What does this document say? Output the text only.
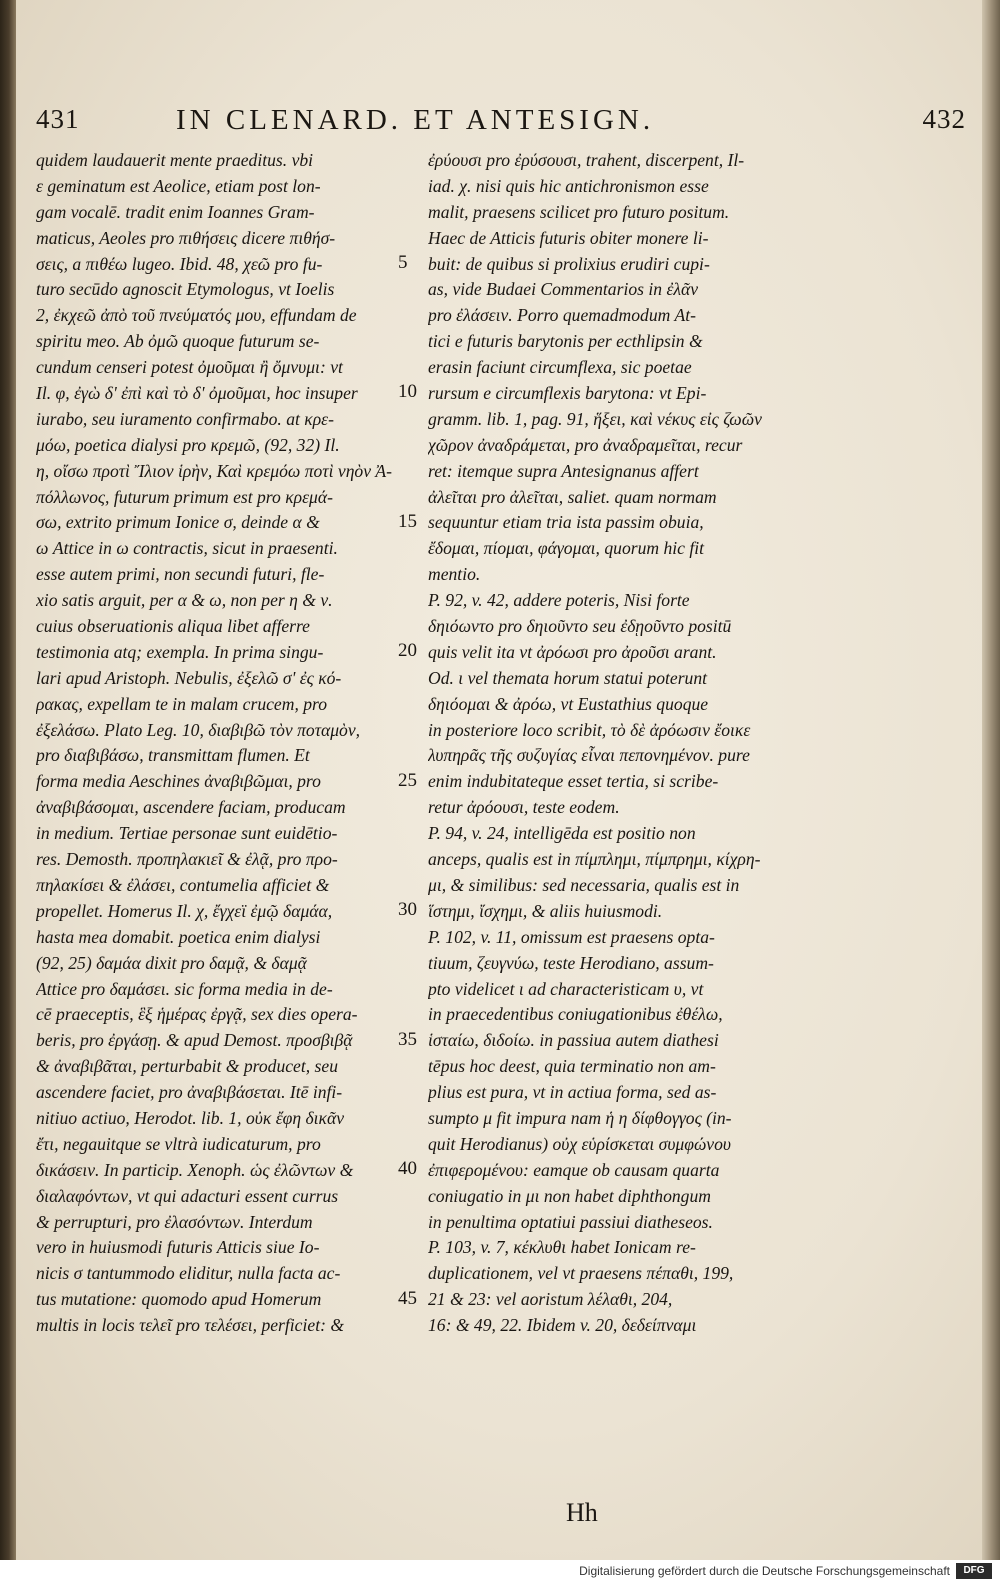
431	IN CLENARD. ET ANTESIGN.	432
quidem laudauerit mente praeditus. vbi
ε geminatum est Aeolice, etiam post lon-
gam vocalē. tradit enim Ioannes Gram-
maticus, Aeoles pro πιθήσεις dicere πιθήσ-
σεις, a πιθέω lugeo. Ibid. 48, χεῶ pro fu-
turo secūdo agnoscit Etymologus, vt Ioelis
2, ἐκχεῶ ἀπὸ τοῦ πνεύματός μου, effundam de
spiritu meo. Ab ὀμῶ quoque futurum se-
cundum censeri potest ὀμοῦμαι ἢ ὄμνυμι: vt
Il. φ, ἐγὼ δ' ἐπὶ καὶ τὸ δ' ὀμοῦμαι, hoc insuper
iurabo, seu iuramento confirmabo. at κρε-
μόω, poetica dialysi pro κρεμῶ, (92, 32) Il.
η, οἴσω προτὶ Ἴλιον ἱρὴν, Καὶ κρεμόω ποτὶ νηὸν Ἀ-
πόλλωνος, futurum primum est pro κρεμά-
σω, extrito primum Ionice σ, deinde α &
ω Attice in ω contractis, sicut in praesenti.
esse autem primi, non secundi futuri, fle-
xio satis arguit, per α & ω, non per η & ν.
cuius obseruationis aliqua libet afferre
testimonia atq; exempla. In prima singu-
lari apud Aristoph. Nebulis, ἐξελῶ σ' ἐς κό-
ρακας, expellam te in malam crucem, pro
ἐξελάσω. Plato Leg. 10, διαβιβῶ τὸν ποταμὸν,
pro διαβιβάσω, transmittam flumen. Et
forma media Aeschines ἀναβιβῶμαι, pro
ἀναβιβάσομαι, ascendere faciam, producam
in medium. Tertiae personae sunt euidētio-
res. Demosth. προπηλακιεῖ & ἐλᾷ, pro προ-
πηλακίσει & ἐλάσει, contumelia afficiet &
propellet. Homerus Il. χ, ἔγχεϊ ἐμῷ δαμάα,
hasta mea domabit. poetica enim dialysi
(92, 25) δαμάα dixit pro δαμᾷ, & δαμᾷ
Attice pro δαμάσει. sic forma media in de-
cē praeceptis, ἓξ ἡμέρας ἐργᾷ, sex dies opera-
beris, pro ἐργάσῃ. & apud Demost. προσβιβᾷ
& ἀναβιβᾶται, perturbabit & producet, seu
ascendere faciet, pro ἀναβιβάσεται. Itē infi-
nitiuo actiuo, Herodot. lib. 1, οὐκ ἔφη δικᾶν
ἔτι, negauitque se vltrà iudicaturum, pro
δικάσειν. In particip. Xenoph. ὡς ἐλῶντων &
διαλαφόντων, vt qui adacturi essent currus
& perrupturi, pro ἐλασόντων. Interdum
vero in huiusmodi futuris Atticis siue Io-
nicis σ tantummodo eliditur, nulla facta ac-
tus mutatione: quomodo apud Homerum
multis in locis τελεῖ pro τελέσει, perficiet: &
5
10
15
20
25
30
35
40
45
ἐρύουσι pro ἐρύσουσι, trahent, discerpent, Il-
iad. χ. nisi quis hic antichronismon esse
malit, praesens scilicet pro futuro positum.
Haec de Atticis futuris obiter monere li-
buit: de quibus si prolixius erudiri cupi-
as, vide Budaei Commentarios in ἐλᾶν
pro ἐλάσειν. Porro quemadmodum At-
tici e futuris barytonis per ecthlipsin &
erasin faciunt circumflexa, sic poetae
rursum e circumflexis barytona: vt Epi-
gramm. lib. 1, pag. 91, ἥξει, καὶ νέκυς εἰς ζωῶν
χῶρον ἀναδράμεται, pro ἀναδραμεῖται, recur
ret: itemque supra Antesignanus affert
ἀλεῖται pro ἀλεῖται, saliet. quam normam
sequuntur etiam tria ista passim obuia,
ἔδομαι, πίομαι, φάγομαι, quorum hic fit
mentio.
P. 92, v. 42, addere poteris, Nisi forte
δηιόωντο pro δηιοῦντο seu ἐδῃοῦντο positū
quis velit ita vt ἀρόωσι pro ἀροῦσι arant.
Od. ι vel themata horum statui poterunt
δηιόομαι & ἀρόω, vt Eustathius quoque
in posteriore loco scribit, τὸ δὲ ἀρόωσιν ἔοικε
λυπηρᾶς τῆς συζυγίας εἶναι πεπονημένον. pure
enim indubitateque esset tertia, si scribe-
retur ἀρόουσι, teste eodem.
P. 94, v. 24, intelligēda est positio non
anceps, qualis est in πίμπλημι, πίμπρημι, κίχρη-
μι, & similibus: sed necessaria, qualis est in
ἵστημι, ἴσχημι, & aliis huiusmodi.
P. 102, v. 11, omissum est praesens opta-
tiuum, ζευγνύω, teste Herodiano, assum-
pto videlicet ι ad characteristicam υ, vt
in praecedentibus coniugationibus ἐθέλω,
ἱσταίω, διδοίω. in passiua autem diathesi
tēpus hoc deest, quia terminatio non am-
plius est pura, vt in actiua forma, sed as-
sumpto μ fit impura nam ἡ η δίφθογγος (in-
quit Herodianus) οὐχ εὑρίσκεται συμφώνου
ἐπιφερομένου: eamque ob causam quarta
coniugatio in μι non habet diphthongum
in penultima optatiui passiui diatheseos.
P. 103, v. 7, κέκλυθι habet Ionicam re-
duplicationem, vel vt praesens πέπαθι, 199,
21 & 23: vel aoristum λέλαθι, 204,
16: & 49, 22. Ibidem v. 20, δεδείπναμι
Hh
Digitalisierung gefördert durch die Deutsche Forschungsgemeinschaft	DFG
